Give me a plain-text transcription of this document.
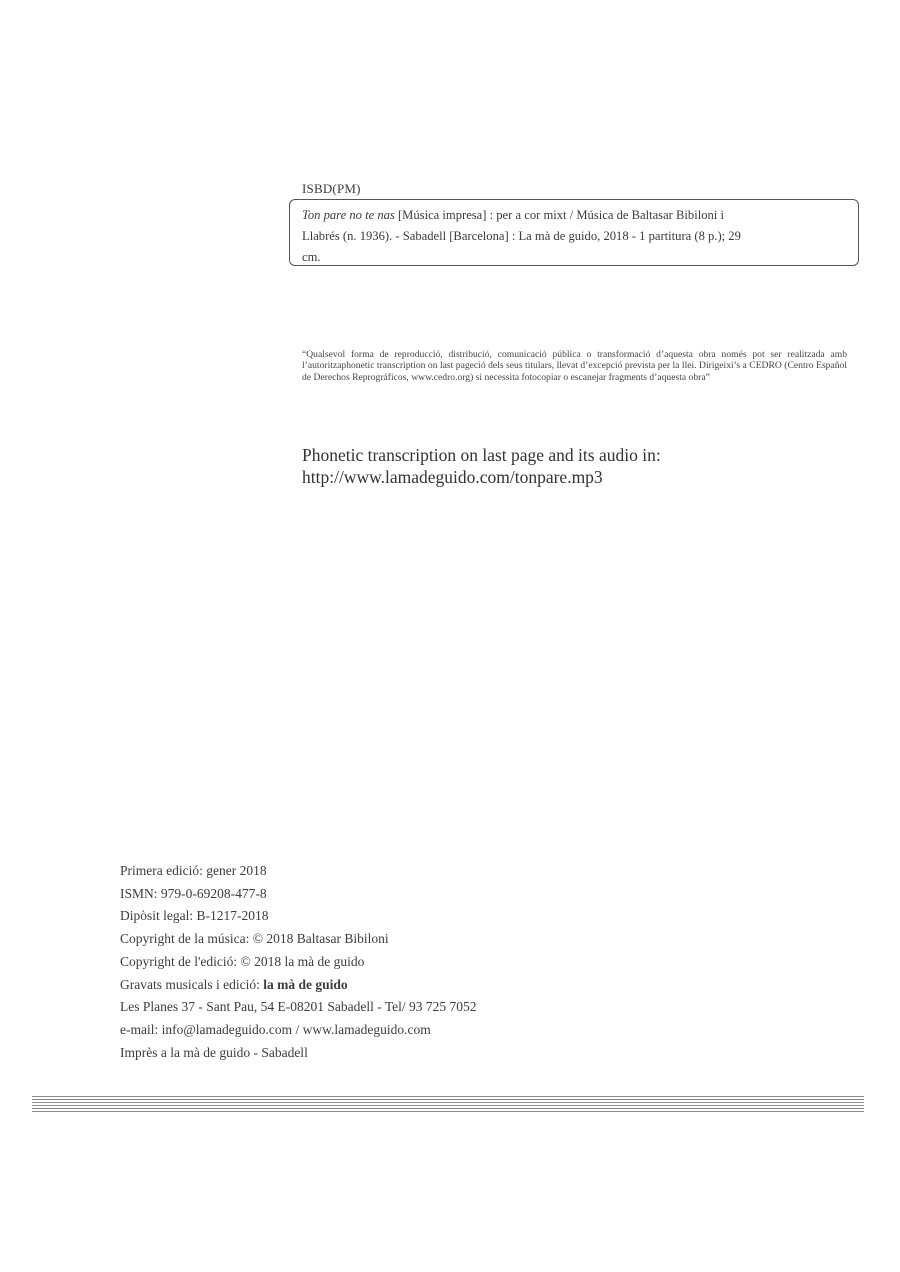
ISBD(PM)
Ton pare no te nas [Música impresa] : per a cor mixt / Música de Baltasar Bibiloni i
Llabrés (n. 1936). - Sabadell [Barcelona] : La mà de guido, 2018 - 1 partitura (8 p.); 29
cm.
“Qualsevol forma de reproducció, distribució, comunicació pública o transformació d’aquesta obra només pot ser realitzada amb l’autoritzaphonetic transcription on last pageció dels seus titulars, llevat d’excepció prevista per la llei. Dirigeixi’s a CEDRO (Centro Español de Derechos Reprográficos, www.cedro.org) si necessita fotocopiar o escanejar fragments d’aquesta obra”
Phonetic transcription on last page and its audio in:
http://www.lamadeguido.com/tonpare.mp3
Primera edició: gener 2018
ISMN: 979-0-69208-477-8
Dipòsit legal: B-1217-2018
Copyright de la música: © 2018 Baltasar Bibiloni
Copyright de l'edició: © 2018 la mà de guido
Gravats musicals i edició: la mà de guido
Les Planes 37 - Sant Pau, 54 E-08201 Sabadell - Tel/ 93 725 7052
e-mail: info@lamadeguido.com / www.lamadeguido.com
Imprès a la mà de guido - Sabadell
